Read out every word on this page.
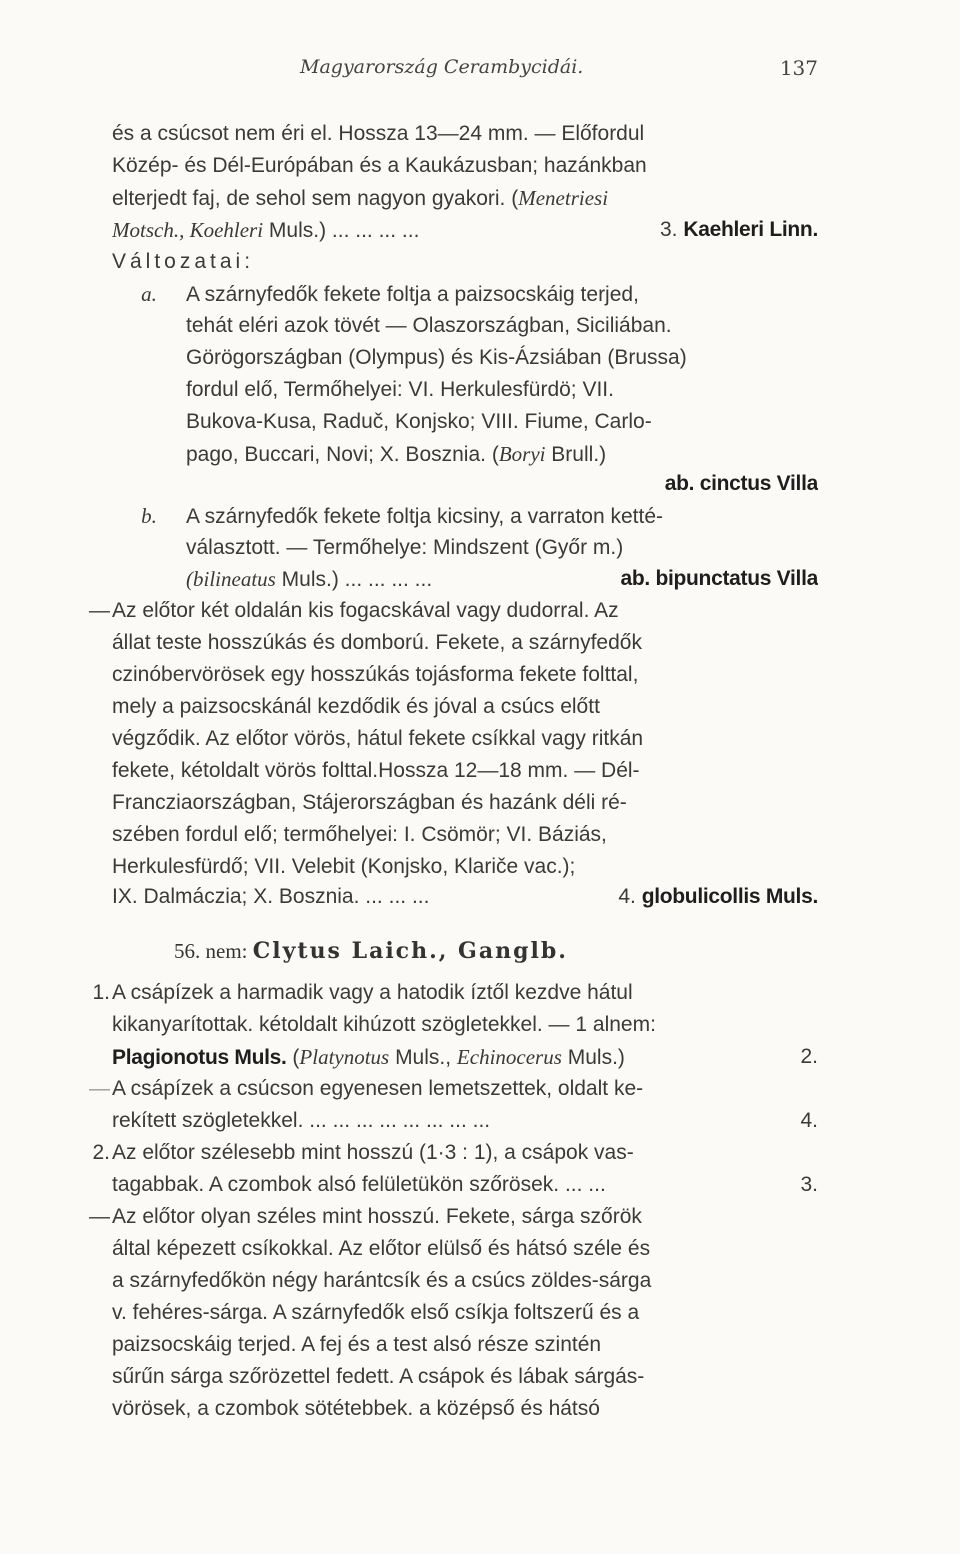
Magyarország Cerambycidái.	137
és a csúcsot nem éri el. Hossza 13—24 mm. — Előfordul
Közép- és Dél-Európában és a Kaukázusban; hazánkban
elterjedt faj, de sehol sem nagyon gyakori. (Menetriesi
Motsch., Koehleri Muls.) ... ... ... ...	3. Kaehleri Linn.
Változatai:
a. A szárnyfedők fekete foltja a paizsocskáig terjed,
tehát eléri azok tövét — Olaszországban, Siciliában.
Görögországban (Olympus) és Kis-Ázsiában (Brussa)
fordul elő, Termőhelyei: VI. Herkulesfürdö; VII.
Bukova-Kusa, Raduč, Konjsko; VIII. Fiume, Carlo-
pago, Buccari, Novi; X. Bosznia. (Boryi Brull.)
ab. cinctus Villa
b. A szárnyfedők fekete foltja kicsiny, a varraton ketté-
választott. — Termőhelye: Mindszent (Győr m.)
(bilineatus Muls.) ... ... ... ...	ab. bipunctatus Villa
Az előtor két oldalán kis fogacskával vagy dudorral. Az
—
állat teste hosszúkás és domború. Fekete, a szárnyfedők
czinóbervörösek egy hosszúkás tojásforma fekete folttal,
mely a paizsocskánál kezdődik és jóval a csúcs előtt
végződik. Az előtor vörös, hátul fekete csíkkal vagy ritkán
fekete, kétoldalt vörös folttal.Hossza 12—18 mm. — Dél-
Francziaországban, Stájerországban és hazánk déli ré-
szében fordul elő; termőhelyei: I. Csömör; VI. Báziás,
Herkulesfürdő; VII. Velebit (Konjsko, Klariče vac.);
IX. Dalmáczia; X. Bosznia. ... ... ...	4. globulicollis Muls.
56. nem: Clytus Laich., Ganglb.
1. A csápízek a harmadik vagy a hatodik íztől kezdve hátul
kikanyarítottak. kétoldalt kihúzott szögletekkel. — 1 alnem:
Plagionotus Muls. (Platynotus Muls., Echinocerus Muls.)	2.
— A csápízek a csúcson egyenesen lemetszettek, oldalt ke-
rekített szögletekkel. ... ... ... ... ... ... ... ...	4.
2. Az előtor szélesebb mint hosszú (1·3 : 1), a csápok vas-
tagabbak. A czombok alsó felületükön szőrösek. ... ...	3.
— Az előtor olyan széles mint hosszú. Fekete, sárga szőrök
által képezett csíkokkal. Az előtor elülső és hátsó széle és
a szárnyfedőkön négy harántcsík és a csúcs zöldes-sárga
v. fehéres-sárga. A szárnyfedők első csíkja foltszerű és a
paizsocskáig terjed. A fej és a test alsó része szintén
sűrűn sárga szőrözettel fedett. A csápok és lábak sárgás-
vörösek, a czombok sötétebbek. a középső és hátsó
